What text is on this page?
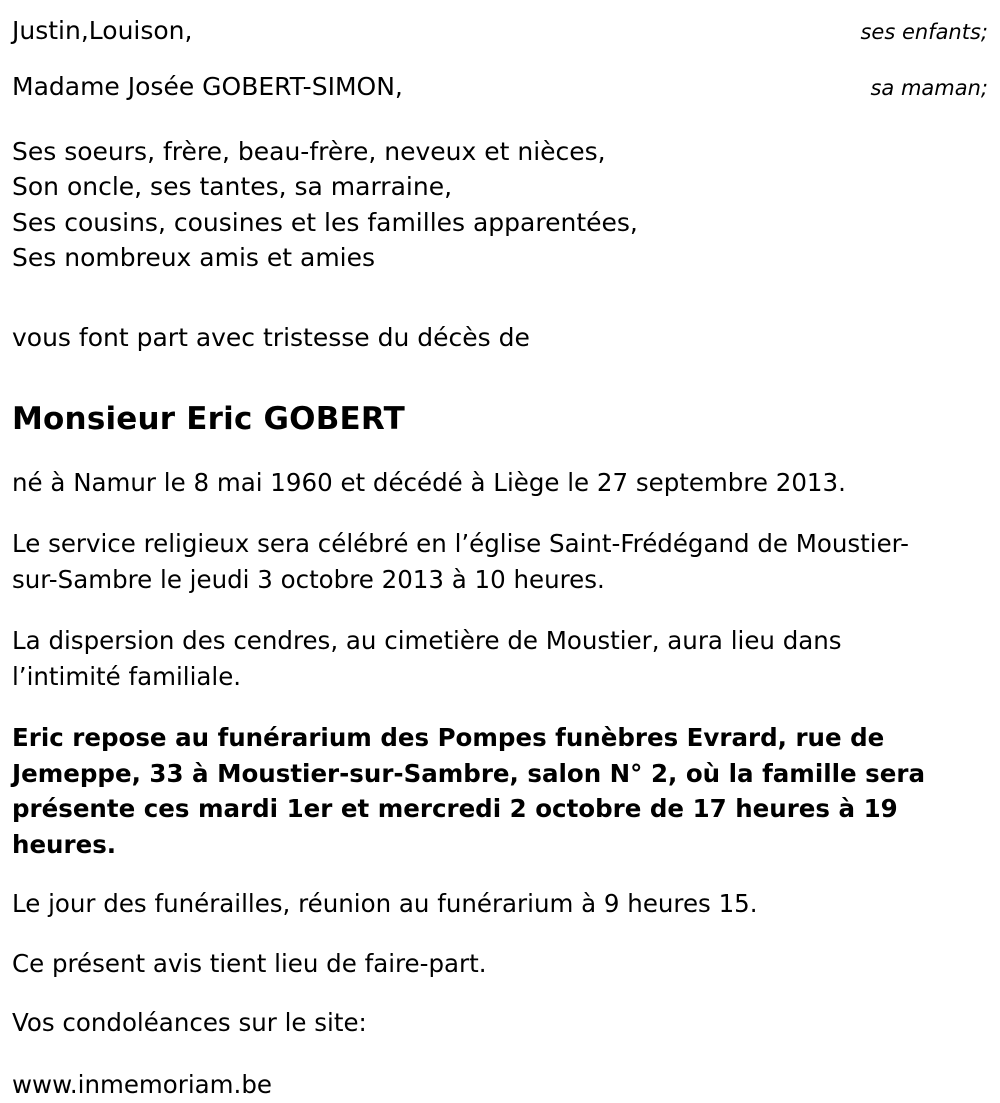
Justin,Louison,	ses enfants;
Madame Josée GOBERT-SIMON,	sa maman;
Ses soeurs, frère, beau-frère, neveux et nièces,
Son oncle, ses tantes, sa marraine,
Ses cousins, cousines et les familles apparentées,
Ses nombreux amis et amies
vous font part avec tristesse du décès de
Monsieur Eric GOBERT
né à Namur le 8 mai 1960 et décédé à Liège le 27 septembre 2013.
Le service religieux sera célébré en l’église Saint-Frédégand de Moustier-sur-Sambre le jeudi 3 octobre 2013 à 10 heures.
La dispersion des cendres, au cimetière de Moustier, aura lieu dans l’intimité familiale.
Eric repose au funérarium des Pompes funèbres Evrard, rue de Jemeppe, 33 à Moustier-sur-Sambre, salon N° 2, où la famille sera présente ces mardi 1er et mercredi 2 octobre de 17 heures à 19 heures.
Le jour des funérailles, réunion au funérarium à 9 heures 15.
Ce présent avis tient lieu de faire-part.
Vos condoléances sur le site:
www.inmemoriam.be
